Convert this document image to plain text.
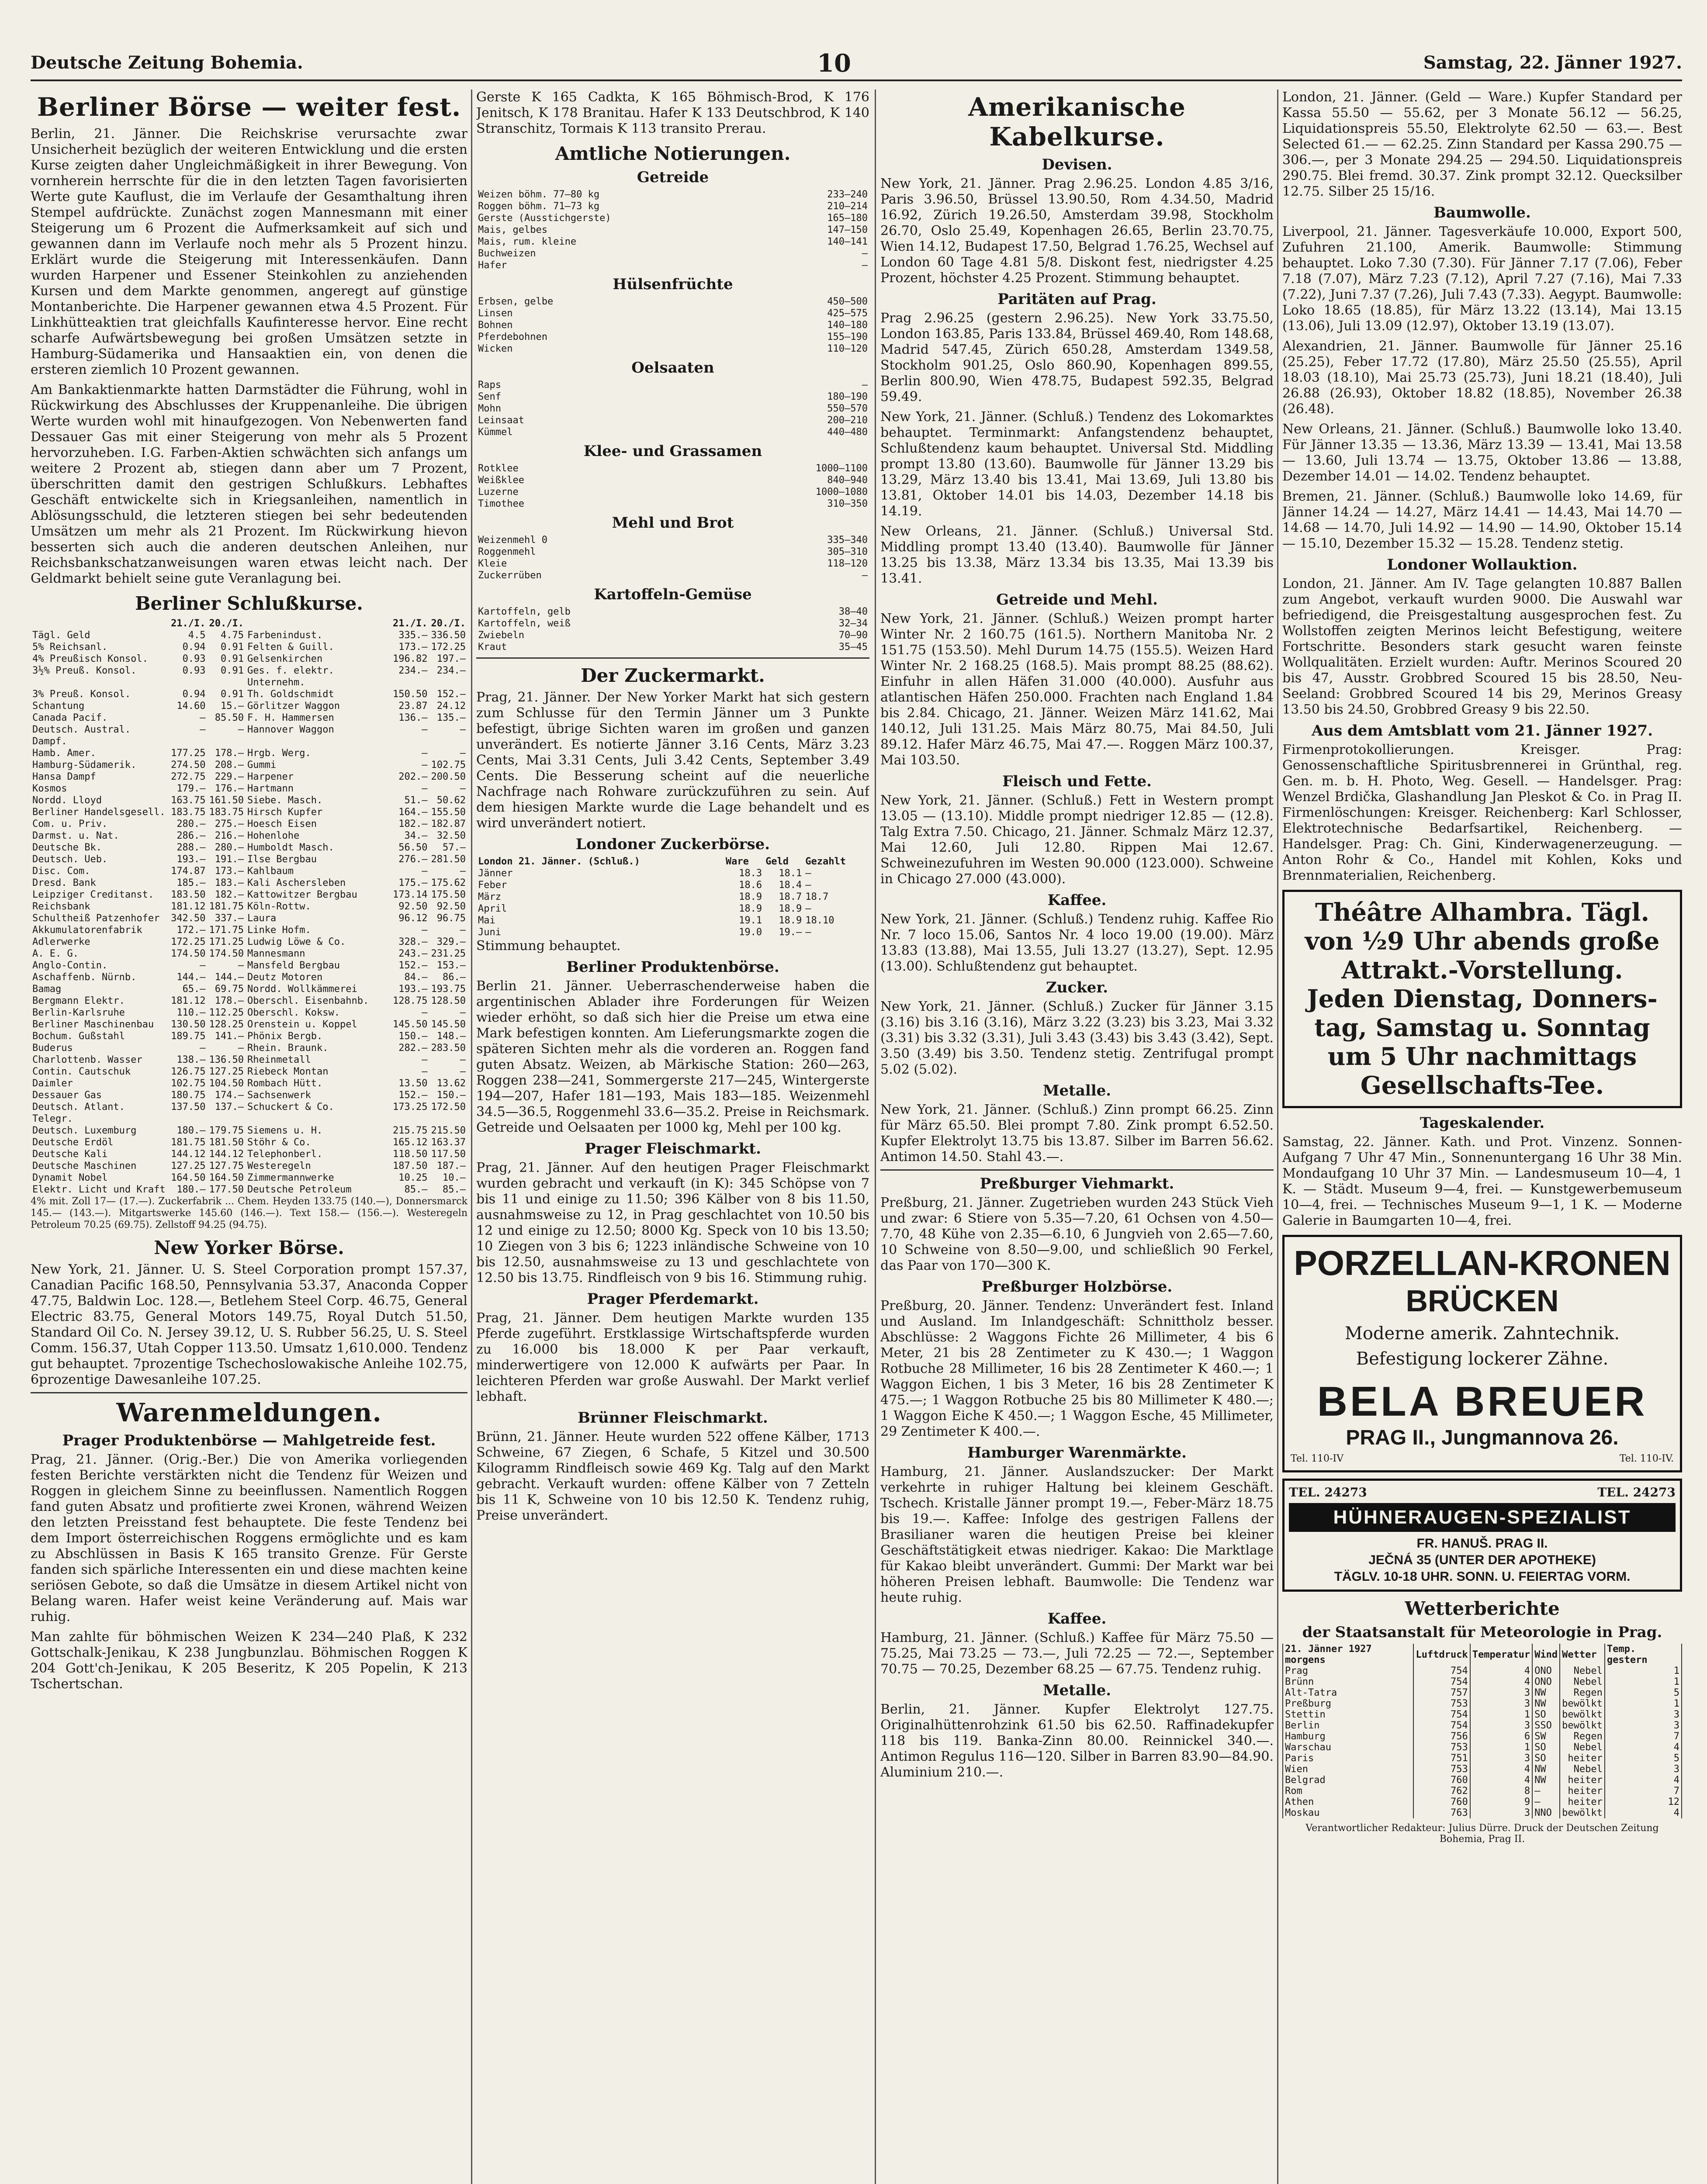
Deutsche Zeitung Bohemia.	10	Samstag, 22. Jänner 1927.
Berliner Börse — weiter fest.

Berlin, 21. Jänner. Die Reichskrise verursachte zwar Unsicherheit bezüglich der weiteren Entwicklung und die ersten Kurse zeigten daher Ungleichmäßigkeit in ihrer Bewegung. Von vornherein herrschte für die in den letzten Tagen favorisierten Werte gute Kauflust, die im Verlaufe der Gesamthaltung ihren Stempel aufdrückte. Zunächst zogen Mannesmann mit einer Steigerung um 6 Prozent die Aufmerksamkeit auf sich und gewannen dann im Verlaufe noch mehr als 5 Prozent hinzu. Erklärt wurde die Steigerung mit Interessenkäufen. Dann wurden Harpener und Essener Steinkohlen zu anziehenden Kursen und dem Markte genommen, angeregt auf günstige Montanberichte. Die Harpener gewannen etwa 4.5 Prozent. Für Linkhütteaktien trat gleichfalls Kaufinteresse hervor. Eine recht scharfe Aufwärtsbewegung bei großen Umsätzen setzte in Hamburg-Südamerika und Hansaaktien ein, von denen die ersteren ziemlich 10 Prozent gewannen.

Am Bankaktienmarkte hatten Darmstädter die Führung, wohl in Rückwirkung des Abschlusses der Kruppenanleihe. Die übrigen Werte wurden wohl mit hinaufgezogen. Von Nebenwerten fand Dessauer Gas mit einer Steigerung von mehr als 5 Prozent hervorzuheben. I.G. Farben-Aktien schwächten sich anfangs um weitere 2 Prozent ab, stiegen dann aber um 7 Prozent, überschritten damit den gestrigen Schlußkurs. Lebhaftes Geschäft entwickelte sich in Kriegsanleihen, namentlich in Ablösungsschuld, die letzteren stiegen bei sehr bedeutenden Umsätzen um mehr als 21 Prozent. Im Rückwirkung hievon besserten sich auch die anderen deutschen Anleihen, nur Reichsbankschatzanweisungen waren etwas leicht nach. Der Geldmarkt behielt seine gute Veranlagung bei.

Berliner Schlußkurse.
	21./I.	20./I.		21./I.	20./I.
Tägl. Geld	4.5	4.75	Farbenindust.	335.—	336.50
5% Reichsanl.	0.94	0.91	Felten & Guill.	173.—	172.25
4% Preußisch Konsol.	0.93	0.91	Gelsenkirchen	196.82	197.—
3½% Preuß. Konsol.	0.93	0.91	Ges. f. elektr. Unternehm.	234.—	234.—
3% Preuß. Konsol.	0.94	0.91	Th. Goldschmidt	150.50	152.—
Schantung	14.60	15.—	Görlitzer Waggon	23.87	24.12
Canada Pacif.	—	85.50	F. H. Hammersen	136.—	135.—
Deutsch. Austral. Dampf.	—	—	Hannover Waggon	—	—
Hamb. Amer.	177.25	178.—	Hrgb. Werg.	—	—
Hamburg-Südamerik.	274.50	208.—	Gummi	—	102.75
Hansa Dampf	272.75	229.—	Harpener	202.—	200.50
Kosmos	179.—	176.—	Hartmann	—	—
Nordd. Lloyd	163.75	161.50	Siebe. Masch.	51.—	50.62
Berliner Handelsgesell.	183.75	183.75	Hirsch Kupfer	164.—	155.50
Com. u. Priv.	280.—	275.—	Hoesch Eisen	182.—	182.87
Darmst. u. Nat.	286.—	216.—	Hohenlohe	34.—	32.50
Deutsche Bk.	288.—	280.—	Humboldt Masch.	56.50	57.—
Deutsch. Ueb.	193.—	191.—	Ilse Bergbau	276.—	281.50
Disc. Com.	174.87	173.—	Kahlbaum	—	—
Dresd. Bank	185.—	183.—	Kali Aschersleben	175.—	175.62
Leipziger Creditanst.	183.50	182.—	Kattowitzer Bergbau	173.14	175.50
Reichsbank	181.12	181.75	Köln-Rottw.	92.50	92.50
Schultheiß Patzenhofer	342.50	337.—	Laura	96.12	96.75
Akkumulatorenfabrik	172.—	171.75	Linke Hofm.	—	—
Adlerwerke	172.25	171.25	Ludwig Löwe & Co.	328.—	329.—
A. E. G.	174.50	174.50	Mannesmann	243.—	231.25
Anglo-Contin.	—	—	Mansfeld Bergbau	152.—	153.—
Aschaffenb. Nürnb.	144.—	144.—	Deutz Motoren	84.—	86.—
Bamag	65.—	69.75	Nordd. Wollkämmerei	193.—	193.75
Bergmann Elektr.	181.12	178.—	Oberschl. Eisenbahnb.	128.75	128.50
Berlin-Karlsruhe	110.—	112.25	Oberschl. Koksw.	—	—
Berliner Maschinenbau	130.50	128.25	Orenstein u. Koppel	145.50	145.50
Bochum. Gußstahl	189.75	141.—	Phönix Bergb.	150.—	148.—
Buderus	—	—	Rhein. Braunk.	282.—	283.50
Charlottenb. Wasser	138.—	136.50	Rheinmetall	—	—
Contin. Cautschuk	126.75	127.25	Riebeck Montan	—	—
Daimler	102.75	104.50	Rombach Hütt.	13.50	13.62
Dessauer Gas	180.75	174.—	Sachsenwerk	152.—	150.—
Deutsch. Atlant. Telegr.	137.50	137.—	Schuckert & Co.	173.25	172.50
Deutsch. Luxemburg	180.—	179.75	Siemens u. H.	215.75	215.50
Deutsche Erdöl	181.75	181.50	Stöhr & Co.	165.12	163.37
Deutsche Kali	144.12	144.12	Telephonberl.	118.50	117.50
Deutsche Maschinen	127.25	127.75	Westeregeln	187.50	187.—
Dynamit Nobel	164.50	164.50	Zimmermannwerke	10.25	10.—
Elektr. Licht und Kraft	180.—	177.50	Deutsche Petroleum	85.—	85.—

4% mit. Zoll 17— (17.—). Zuckerfabrik ... Chem. Heyden 133.75 (140.—), Donnersmarck 145.— (143.—). Mitgartswerke 145.60 (146.—). Text 158.— (156.—). Westeregeln Petroleum 70.25 (69.75). Zellstoff 94.25 (94.75).

New Yorker Börse.

New York, 21. Jänner. U. S. Steel Corporation prompt 157.37, Canadian Pacific 168.50, Pennsylvania 53.37, Anaconda Copper 47.75, Baldwin Loc. 128.—, Betlehem Steel Corp. 46.75, General Electric 83.75, General Motors 149.75, Royal Dutch 51.50, Standard Oil Co. N. Jersey 39.12, U. S. Rubber 56.25, U. S. Steel Comm. 156.37, Utah Copper 113.50. Umsatz 1,610.000. Tendenz gut behauptet. 7prozentige Tschechoslowakische Anleihe 102.75, 6prozentige Dawesanleihe 107.25.

Warenmeldungen.
Prager Produktenbörse — Mahlgetreide fest.

Prag, 21. Jänner. (Orig.-Ber.) Die von Amerika vorliegenden festen Berichte verstärkten nicht die Tendenz für Weizen und Roggen in gleichem Sinne zu beeinflussen. Namentlich Roggen fand guten Absatz und profitierte zwei Kronen, während Weizen den letzten Preisstand fest behauptete. Die feste Tendenz bei dem Import österreichischen Roggens ermöglichte und es kam zu Abschlüssen in Basis K 165 transito Grenze. Für Gerste fanden sich spärliche Interessenten ein und diese machten keine seriösen Gebote, so daß die Umsätze in diesem Artikel nicht von Belang waren. Hafer weist keine Veränderung auf. Mais war ruhig.

Man zahlte für böhmischen Weizen K 234—240 Plaß, K 232 Gottschalk-Jenikau, K 238 Jungbunzlau. Böhmischen Roggen K 204 Gott'ch-Jenikau, K 205 Beseritz, K 205 Popelin, K 213 Tschertschan.

Gerste K 165 Cadkta, K 165 Böhmisch-Brod, K 176 Jenitsch, K 178 Branitau. Hafer K 133 Deutschbrod, K 140 Stranschitz, Tormais K 113 transito Prerau.

Amtliche Notierungen.
Getreide
Weizen böhm. 77–80 kg	233—240
Roggen böhm. 71–73 kg	210—214
Gerste (Ausstichgerste)	165—180
Mais, gelbes	147—150
Mais, rum. kleine	140—141
Buchweizen	—
Hafer	—
Hülsenfrüchte
Erbsen, gelbe	450—500
Linsen	425—575
Bohnen	140—180
Pferdebohnen	155—190
Wicken	110—120
Oelsaaten
Raps	—
Senf	180—190
Mohn	550—570
Leinsaat	200—210
Kümmel	440—480
Klee- und Grassamen
Rotklee	1000—1100
Weißklee	840—940
Luzerne	1000—1080
Timothee	310—350
Mehl und Brot
Weizenmehl 0	335—340
Roggenmehl	305—310
Kleie	118—120
Zuckerrüben	—
Kartoffeln-Gemüse
Kartoffeln, gelb	38—40
Kartoffeln, weiß	32—34
Zwiebeln	70—90
Kraut	35—45
Der Zuckermarkt.

Prag, 21. Jänner. Der New Yorker Markt hat sich gestern zum Schlusse für den Termin Jänner um 3 Punkte befestigt, übrige Sichten waren im großen und ganzen unverändert. Es notierte Jänner 3.16 Cents, März 3.23 Cents, Mai 3.31 Cents, Juli 3.42 Cents, September 3.49 Cents. Die Besserung scheint auf die neuerliche Nachfrage nach Rohware zurückzuführen zu sein. Auf dem hiesigen Markte wurde die Lage behandelt und es wird unverändert notiert.

Londoner Zuckerbörse.
London 21. Jänner. (Schluß.)	Ware	Geld	Gezahlt
Jänner	18.3	18.1	—
Feber	18.6	18.4	—
März	18.9	18.7	18.7
April	18.9	18.9	—
Mai	19.1	18.9	18.10
Juni	19.0	19.—	—

Stimmung behauptet.

Berliner Produktenbörse.

Berlin 21. Jänner. Ueberraschenderweise haben die argentinischen Ablader ihre Forderungen für Weizen wieder erhöht, so daß sich hier die Preise um etwa eine Mark befestigen konnten. Am Lieferungsmarkte zogen die späteren Sichten mehr als die vorderen an. Roggen fand guten Absatz. Weizen, ab Märkische Station: 260—263, Roggen 238—241, Sommergerste 217—245, Wintergerste 194—207, Hafer 181—193, Mais 183—185. Weizenmehl 34.5—36.5, Roggenmehl 33.6—35.2. Preise in Reichsmark. Getreide und Oelsaaten per 1000 kg, Mehl per 100 kg.

Prager Fleischmarkt.

Prag, 21. Jänner. Auf den heutigen Prager Fleischmarkt wurden gebracht und verkauft (in K): 345 Schöpse von 7 bis 11 und einige zu 11.50; 396 Kälber von 8 bis 11.50, ausnahmsweise zu 12, in Prag geschlachtet von 10.50 bis 12 und einige zu 12.50; 8000 Kg. Speck von 10 bis 13.50; 10 Ziegen von 3 bis 6; 1223 inländische Schweine von 10 bis 12.50, ausnahmsweise zu 13 und geschlachtete von 12.50 bis 13.75. Rindfleisch von 9 bis 16. Stimmung ruhig.

Prager Pferdemarkt.

Prag, 21. Jänner. Dem heutigen Markte wurden 135 Pferde zugeführt. Erstklassige Wirtschaftspferde wurden zu 16.000 bis 18.000 K per Paar verkauft, minderwertigere von 12.000 K aufwärts per Paar. In leichteren Pferden war große Auswahl. Der Markt verlief lebhaft.

Brünner Fleischmarkt.

Brünn, 21. Jänner. Heute wurden 522 offene Kälber, 1713 Schweine, 67 Ziegen, 6 Schafe, 5 Kitzel und 30.500 Kilogramm Rindfleisch sowie 469 Kg. Talg auf den Markt gebracht. Verkauft wurden: offene Kälber von 7 Zetteln bis 11 K, Schweine von 10 bis 12.50 K. Tendenz ruhig, Preise unverändert.

Amerikanische Kabelkurse.
Devisen.

New York, 21. Jänner. Prag 2.96.25. London 4.85 3/16, Paris 3.96.50, Brüssel 13.90.50, Rom 4.34.50, Madrid 16.92, Zürich 19.26.50, Amsterdam 39.98, Stockholm 26.70, Oslo 25.49, Kopenhagen 26.65, Berlin 23.70.75, Wien 14.12, Budapest 17.50, Belgrad 1.76.25, Wechsel auf London 60 Tage 4.81 5/8. Diskont fest, niedrigster 4.25 Prozent, höchster 4.25 Prozent. Stimmung behauptet.

Paritäten auf Prag.

Prag 2.96.25 (gestern 2.96.25). New York 33.75.50, London 163.85, Paris 133.84, Brüssel 469.40, Rom 148.68, Madrid 547.45, Zürich 650.28, Amsterdam 1349.58, Stockholm 901.25, Oslo 860.90, Kopenhagen 899.55, Berlin 800.90, Wien 478.75, Budapest 592.35, Belgrad 59.49.

New York, 21. Jänner. (Schluß.) Tendenz des Lokomarktes behauptet. Terminmarkt: Anfangstendenz behauptet, Schlußtendenz kaum behauptet. Universal Std. Middling prompt 13.80 (13.60). Baumwolle für Jänner 13.29 bis 13.29, März 13.40 bis 13.41, Mai 13.69, Juli 13.80 bis 13.81, Oktober 14.01 bis 14.03, Dezember 14.18 bis 14.19.

New Orleans, 21. Jänner. (Schluß.) Universal Std. Middling prompt 13.40 (13.40). Baumwolle für Jänner 13.25 bis 13.38, März 13.34 bis 13.35, Mai 13.39 bis 13.41.

Getreide und Mehl.

New York, 21. Jänner. (Schluß.) Weizen prompt harter Winter Nr. 2 160.75 (161.5). Northern Manitoba Nr. 2 151.75 (153.50). Mehl Durum 14.75 (155.5). Weizen Hard Winter Nr. 2 168.25 (168.5). Mais prompt 88.25 (88.62). Einfuhr in allen Häfen 31.000 (40.000). Ausfuhr aus atlantischen Häfen 250.000. Frachten nach England 1.84 bis 2.84. Chicago, 21. Jänner. Weizen März 141.62, Mai 140.12, Juli 131.25. Mais März 80.75, Mai 84.50, Juli 89.12. Hafer März 46.75, Mai 47.—. Roggen März 100.37, Mai 103.50.

Fleisch und Fette.

New York, 21. Jänner. (Schluß.) Fett in Western prompt 13.05 — (13.10). Middle prompt niedriger 12.85 — (12.8). Talg Extra 7.50. Chicago, 21. Jänner. Schmalz März 12.37, Mai 12.60, Juli 12.80. Rippen Mai 12.67. Schweinezufuhren im Westen 90.000 (123.000). Schweine in Chicago 27.000 (43.000).

Kaffee.

New York, 21. Jänner. (Schluß.) Tendenz ruhig. Kaffee Rio Nr. 7 loco 15.06, Santos Nr. 4 loco 19.00 (19.00). März 13.83 (13.88), Mai 13.55, Juli 13.27 (13.27), Sept. 12.95 (13.00). Schlußtendenz gut behauptet.

Zucker.

New York, 21. Jänner. (Schluß.) Zucker für Jänner 3.15 (3.16) bis 3.16 (3.16), März 3.22 (3.23) bis 3.23, Mai 3.32 (3.31) bis 3.32 (3.31), Juli 3.43 (3.43) bis 3.43 (3.42), Sept. 3.50 (3.49) bis 3.50. Tendenz stetig. Zentrifugal prompt 5.02 (5.02).

Metalle.

New York, 21. Jänner. (Schluß.) Zinn prompt 66.25. Zinn für März 65.50. Blei prompt 7.80. Zink prompt 6.52.50. Kupfer Elektrolyt 13.75 bis 13.87. Silber im Barren 56.62. Antimon 14.50. Stahl 43.—.

Preßburger Viehmarkt.

Preßburg, 21. Jänner. Zugetrieben wurden 243 Stück Vieh und zwar: 6 Stiere von 5.35—7.20, 61 Ochsen von 4.50—7.70, 48 Kühe von 2.35—6.10, 6 Jungvieh von 2.65—7.60, 10 Schweine von 8.50—9.00, und schließlich 90 Ferkel, das Paar von 170—300 K.

Preßburger Holzbörse.

Preßburg, 20. Jänner. Tendenz: Unverändert fest. Inland und Ausland. Im Inlandgeschäft: Schnittholz besser. Abschlüsse: 2 Waggons Fichte 26 Millimeter, 4 bis 6 Meter, 21 bis 28 Zentimeter zu K 430.—; 1 Waggon Rotbuche 28 Millimeter, 16 bis 28 Zentimeter K 460.—; 1 Waggon Eichen, 1 bis 3 Meter, 16 bis 28 Zentimeter K 475.—; 1 Waggon Rotbuche 25 bis 80 Millimeter K 480.—; 1 Waggon Eiche K 450.—; 1 Waggon Esche, 45 Millimeter, 29 Zentimeter K 400.—.

Hamburger Warenmärkte.

Hamburg, 21. Jänner. Auslandszucker: Der Markt verkehrte in ruhiger Haltung bei kleinem Geschäft. Tschech. Kristalle Jänner prompt 19.—, Feber-März 18.75 bis 19.—. Kaffee: Infolge des gestrigen Fallens der Brasilianer waren die heutigen Preise bei kleiner Geschäftstätigkeit etwas niedriger. Kakao: Die Marktlage für Kakao bleibt unverändert. Gummi: Der Markt war bei höheren Preisen lebhaft. Baumwolle: Die Tendenz war heute ruhig.

Kaffee.

Hamburg, 21. Jänner. (Schluß.) Kaffee für März 75.50 — 75.25, Mai 73.25 — 73.—, Juli 72.25 — 72.—, September 70.75 — 70.25, Dezember 68.25 — 67.75. Tendenz ruhig.

Metalle.

Berlin, 21. Jänner. Kupfer Elektrolyt 127.75. Originalhüttenrohzink 61.50 bis 62.50. Raffinadekupfer 118 bis 119. Banka-Zinn 80.00. Reinnickel 340.—. Antimon Regulus 116—120. Silber in Barren 83.90—84.90. Aluminium 210.—.

London, 21. Jänner. (Geld — Ware.) Kupfer Standard per Kassa 55.50 — 55.62, per 3 Monate 56.12 — 56.25, Liquidationspreis 55.50, Elektrolyte 62.50 — 63.—. Best Selected 61.— — 62.25. Zinn Standard per Kassa 290.75 — 306.—, per 3 Monate 294.25 — 294.50. Liquidationspreis 290.75. Blei fremd. 30.37. Zink prompt 32.12. Quecksilber 12.75. Silber 25 15/16.

Baumwolle.

Liverpool, 21. Jänner. Tagesverkäufe 10.000, Export 500, Zufuhren 21.100, Amerik. Baumwolle: Stimmung behauptet. Loko 7.30 (7.30). Für Jänner 7.17 (7.06), Feber 7.18 (7.07), März 7.23 (7.12), April 7.27 (7.16), Mai 7.33 (7.22), Juni 7.37 (7.26), Juli 7.43 (7.33). Aegypt. Baumwolle: Loko 18.65 (18.85), für März 13.22 (13.14), Mai 13.15 (13.06), Juli 13.09 (12.97), Oktober 13.19 (13.07).

Alexandrien, 21. Jänner. Baumwolle für Jänner 25.16 (25.25), Feber 17.72 (17.80), März 25.50 (25.55), April 18.03 (18.10), Mai 25.73 (25.73), Juni 18.21 (18.40), Juli 26.88 (26.93), Oktober 18.82 (18.85), November 26.38 (26.48).

New Orleans, 21. Jänner. (Schluß.) Baumwolle loko 13.40. Für Jänner 13.35 — 13.36, März 13.39 — 13.41, Mai 13.58 — 13.60, Juli 13.74 — 13.75, Oktober 13.86 — 13.88, Dezember 14.01 — 14.02. Tendenz behauptet.

Bremen, 21. Jänner. (Schluß.) Baumwolle loko 14.69, für Jänner 14.24 — 14.27, März 14.41 — 14.43, Mai 14.70 — 14.68 — 14.70, Juli 14.92 — 14.90 — 14.90, Oktober 15.14 — 15.10, Dezember 15.32 — 15.28. Tendenz stetig.

Londoner Wollauktion.

London, 21. Jänner. Am IV. Tage gelangten 10.887 Ballen zum Angebot, verkauft wurden 9000. Die Auswahl war befriedigend, die Preisgestaltung ausgesprochen fest. Zu Wollstoffen zeigten Merinos leicht Befestigung, weitere Fortschritte. Besonders stark gesucht waren feinste Wollqualitäten. Erzielt wurden: Auftr. Merinos Scoured 20 bis 47, Ausstr. Grobbred Scoured 15 bis 28.50, Neu-Seeland: Grobbred Scoured 14 bis 29, Merinos Greasy 13.50 bis 24.50, Grobbred Greasy 9 bis 22.50.

Aus dem Amtsblatt vom 21. Jänner 1927.

Firmenprotokollierungen. Kreisger. Prag: Genossenschaftliche Spiritusbrennerei in Grünthal, reg. Gen. m. b. H. Photo, Weg. Gesell. — Handelsger. Prag: Wenzel Brdička, Glashandlung Jan Pleskot & Co. in Prag II. Firmenlöschungen: Kreisger. Reichenberg: Karl Schlosser, Elektrotechnische Bedarfsartikel, Reichenberg. — Handelsger. Prag: Ch. Gini, Kinderwagenerzeugung. — Anton Rohr & Co., Handel mit Kohlen, Koks und Brennmaterialien, Reichenberg.

Théâtre Alhambra. Tägl.
von ½9 Uhr abends große
Attrakt.-Vorstellung.
Jeden Dienstag, Donners-
tag, Samstag u. Sonntag
um 5 Uhr nachmittags
Gesellschafts-Tee.
Tageskalender.

Samstag, 22. Jänner. Kath. und Prot. Vinzenz. Sonnen-Aufgang 7 Uhr 47 Min., Sonnenuntergang 16 Uhr 38 Min. Mondaufgang 10 Uhr 37 Min. — Landesmuseum 10—4, 1 K. — Städt. Museum 9—4, frei. — Kunstgewerbemuseum 10—4, frei. — Technisches Museum 9—1, 1 K. — Moderne Galerie in Baumgarten 10—4, frei.

PORZELLAN-KRONEN
BRÜCKEN
Moderne amerik. Zahntechnik.
Befestigung lockerer Zähne.
BELA BREUER
PRAG II., Jungmannova 26.
Tel. 110-IV	Tel. 110-IV.
TEL. 24273	TEL. 24273
HÜHNERAUGEN-SPEZIALIST
FR. HANUŠ. PRAG II.
JEČNÁ 35 (UNTER DER APOTHEKE)
TÄGLV. 10-18 UHR. SONN. U. FEIERTAG VORM.
Wetterberichte
der Staatsanstalt für Meteorologie in Prag.
21. Jänner 1927 morgens	Luftdruck	Temperatur	Wind	Wetter	Temp. gestern
Prag	754	4	ONO	Nebel	1
Brünn	754	4	ONO	Nebel	1
Alt-Tatra	757	3	NW	Regen	5
Preßburg	753	3	NW	bewölkt	1
Stettin	754	1	SO	bewölkt	3
Berlin	754	3	SSO	bewölkt	3
Hamburg	756	6	SW	Regen	7
Warschau	753	1	SO	Nebel	4
Paris	751	3	SO	heiter	5
Wien	753	4	NW	Nebel	3
Belgrad	760	4	NW	heiter	4
Rom	762	8	—	heiter	7
Athen	760	9	—	heiter	12
Moskau	763	3	NNO	bewölkt	4
Verantwortlicher Redakteur: Julius Dürre. Druck der Deutschen Zeitung Bohemia, Prag II.
